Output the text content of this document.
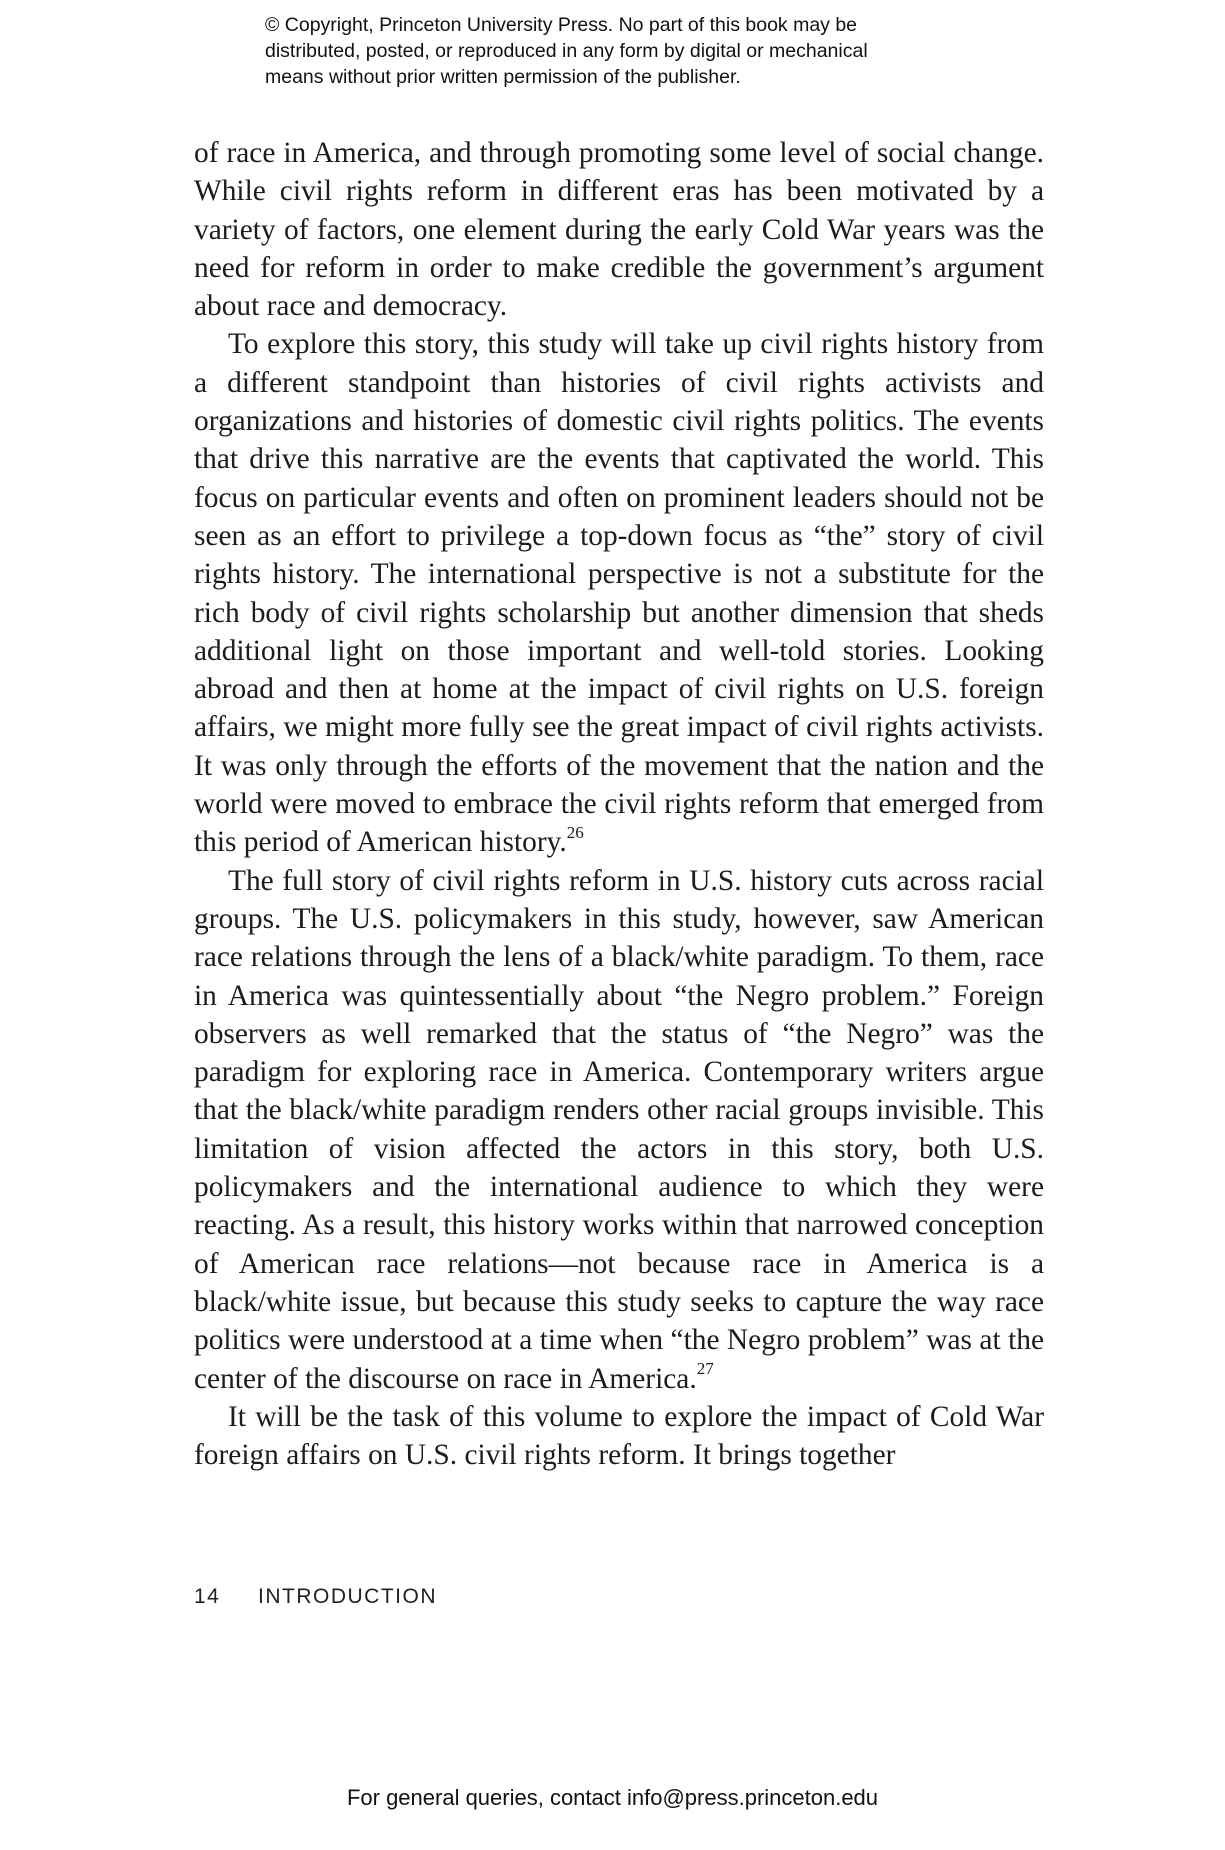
© Copyright, Princeton University Press. No part of this book may be
distributed, posted, or reproduced in any form by digital or mechanical
means without prior written permission of the publisher.

of race in America, and through promoting some level of social change. While civil rights reform in different eras has been motivated by a variety of factors, one element during the early Cold War years was the need for reform in order to make credible the government’s argument about race and democracy.

To explore this story, this study will take up civil rights history from a different standpoint than histories of civil rights activists and organizations and histories of domestic civil rights politics. The events that drive this narrative are the events that captivated the world. This focus on particular events and often on prominent leaders should not be seen as an effort to privilege a top-down focus as “the” story of civil rights history. The international perspective is not a substitute for the rich body of civil rights scholarship but another dimension that sheds additional light on those important and well-told stories. Looking abroad and then at home at the impact of civil rights on U.S. foreign affairs, we might more fully see the great impact of civil rights activists. It was only through the efforts of the movement that the nation and the world were moved to embrace the civil rights reform that emerged from this period of American history.$^{26}$

The full story of civil rights reform in U.S. history cuts across racial groups. The U.S. policymakers in this study, however, saw American race relations through the lens of a black/white paradigm. To them, race in America was quintessentially about “the Negro problem.” Foreign observers as well remarked that the status of “the Negro” was the paradigm for exploring race in America. Contemporary writers argue that the black/white paradigm renders other racial groups invisible. This limitation of vision affected the actors in this story, both U.S. policymakers and the international audience to which they were reacting. As a result, this history works within that narrowed conception of American race relations—not because race in America is a black/white issue, but because this study seeks to capture the way race politics were understood at a time when “the Negro problem” was at the center of the discourse on race in America.$^{27}$

It will be the task of this volume to explore the impact of Cold War foreign affairs on U.S. civil rights reform. It brings together

14 INTRODUCTION
For general queries, contact info@press.princeton.edu
